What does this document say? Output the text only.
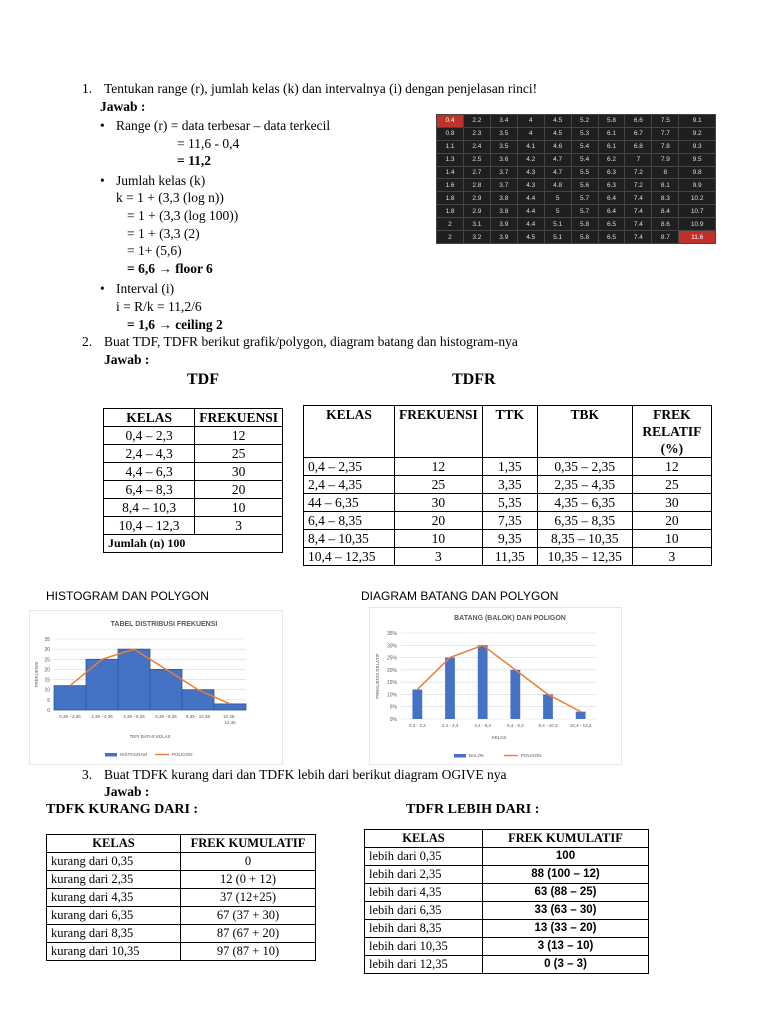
1. Tentukan range (r), jumlah kelas (k) dan intervalnya (i) dengan penjelasan rinci!
Jawab :
• Range (r) = data terbesar – data terkecil
= 11,6 - 0,4
= 11,2
• Jumlah kelas (k)
k = 1 + (3,3 (log n))
= 1 + (3,3 (log 100))
= 1 + (3,3 (2)
= 1+ (5,6)
= 6,6 → floor 6
• Interval (i)
i = R/k = 11,2/6
= 1,6 → ceiling 2
0.4	2.2	3.4	4	4.5	5.2	5.8	6.6	7.5	9.1
0.8	2.3	3.5	4	4.5	5.3	6.1	6.7	7.7	9.2
1.1	2.4	3.5	4.1	4.6	5.4	6.1	6.8	7.8	9.3
1.3	2.5	3.6	4.2	4.7	5.4	6.2	7	7.9	9.5
1.4	2.7	3.7	4.3	4.7	5.5	6.3	7.2	8	9.8
1.6	2.8	3.7	4.3	4.8	5.6	6.3	7.2	8.1	9.9
1.8	2.9	3.8	4.4	5	5.7	6.4	7.4	8.3	10.2
1.8	2.9	3.8	4.4	5	5.7	6.4	7.4	8.4	10.7
2	3.1	3.9	4.4	5.1	5.8	6.5	7.4	8.6	10.9
2	3.2	3.9	4.5	5.1	5.8	6.5	7.4	8.7	11.6
2. Buat TDF, TDFR berikut grafik/polygon, diagram batang dan histogram-nya
Jawab :
TDF	TDFR
KELAS	FREKUENSI
0,4 – 2,3	12
2,4 – 4,3	25
4,4 – 6,3	30
6,4 – 8,3	20
8,4 – 10,3	10
10,4 – 12,3	3
Jumlah (n) 100	
KELAS	FREKUENSI	TTK	TBK	FREK RELATIF (%)
0,4 – 2,35	12	1,35	0,35 – 2,35	12
2,4 – 4,35	25	3,35	2,35 – 4,35	25
44 – 6,35	30	5,35	4,35 – 6,35	30
6,4 – 8,35	20	7,35	6,35 – 8,35	20
8,4 – 10,35	10	9,35	8,35 – 10,35	10
10,4 – 12,35	3	11,35	10,35 – 12,35	3
HISTOGRAM DAN POLYGON	DIAGRAM BATANG DAN POLYGON
TABEL DISTRIBUSI FREKUENSI
0
5
10
15
20
25
30
35
FREKUENSI
0,35 - 2,35 2,35 - 4,35 4,35 - 6,35 6,35 - 8,35 8,35 - 10,35	10,35 -
12,35
TEPI BATAS KELAS
HISTOGRAM	POLIGON
BATANG (BALOK) DAN POLIGON
0%
5%
10%
15%
20%
25%
30%
35%
FREKUENSI RELATIF
0,4 - 2,3	2,4 - 4,3	4,4 - 6,3	6,4 - 8,3	8,4 - 10,3	10,4 - 12,3
KELAS
BALOK	POLIGON
3. Buat TDFK kurang dari dan TDFK lebih dari berikut diagram OGIVE nya
Jawab :
TDFK KURANG DARI :	TDFR LEBIH DARI :
KELAS	FREK KUMULATIF
kurang dari 0,35	0
kurang dari 2,35	12 (0 + 12)
kurang dari 4,35	37 (12+25)
kurang dari 6,35	67 (37 + 30)
kurang dari 8,35	87 (67 + 20)
kurang dari 10,35	97 (87 + 10)
KELAS	FREK KUMULATIF
lebih dari 0,35	100
lebih dari 2,35	88 (100 – 12)
lebih dari 4,35	63 (88 – 25)
lebih dari 6,35	33 (63 – 30)
lebih dari 8,35	13 (33 – 20)
lebih dari 10,35	3 (13 – 10)
lebih dari 12,35	0 (3 – 3)
